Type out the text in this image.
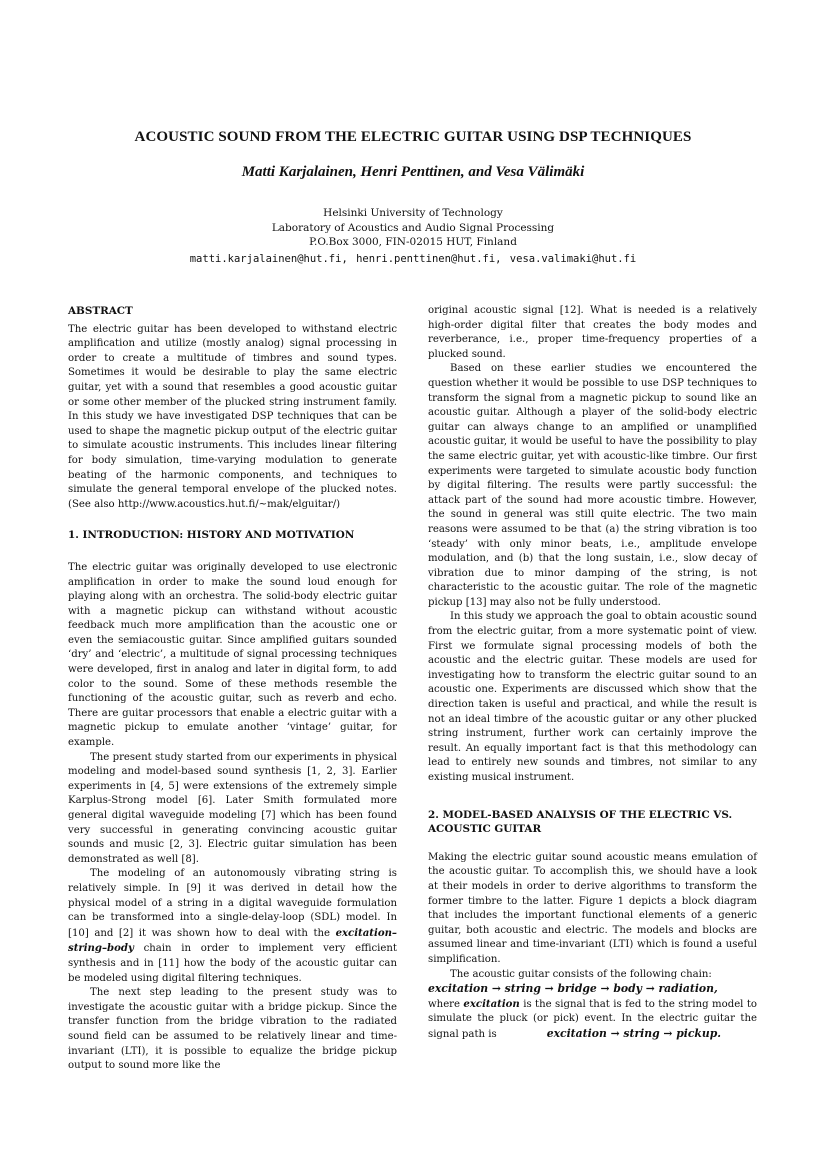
ACOUSTIC SOUND FROM THE ELECTRIC GUITAR USING DSP TECHNIQUES
Matti Karjalainen, Henri Penttinen, and Vesa Välimäki
Helsinki University of Technology
Laboratory of Acoustics and Audio Signal Processing
P.O.Box 3000, FIN-02015 HUT, Finland
matti.karjalainen@hut.fi, henri.penttinen@hut.fi, vesa.valimaki@hut.fi

ABSTRACT

The electric guitar has been developed to withstand electric amplification and utilize (mostly analog) signal processing in order to create a multitude of timbres and sound types. Sometimes it would be desirable to play the same electric guitar, yet with a sound that resembles a good acoustic guitar or some other member of the plucked string instrument family. In this study we have investigated DSP techniques that can be used to shape the magnetic pickup output of the electric guitar to simulate acoustic instruments. This includes linear filtering for body simulation, time-varying modulation to generate beating of the harmonic components, and techniques to simulate the general temporal envelope of the plucked notes. (See also http://www.acoustics.hut.fi/~mak/elguitar/)

1. INTRODUCTION: HISTORY AND MOTIVATION

The electric guitar was originally developed to use electronic amplification in order to make the sound loud enough for playing along with an orchestra. The solid-body electric guitar with a magnetic pickup can withstand without acoustic feedback much more amplification than the acoustic one or even the semiacoustic guitar. Since amplified guitars sounded ‘dry’ and ‘electric’, a multitude of signal processing techniques were developed, first in analog and later in digital form, to add color to the sound. Some of these methods resemble the functioning of the acoustic guitar, such as reverb and echo. There are guitar processors that enable a electric guitar with a magnetic pickup to emulate another ‘vintage’ guitar, for example.

The present study started from our experiments in physical modeling and model-based sound synthesis [1, 2, 3]. Earlier experiments in [4, 5] were extensions of the extremely simple Karplus-Strong model [6]. Later Smith formulated more general digital waveguide modeling [7] which has been found very successful in generating convincing acoustic guitar sounds and music [2, 3]. Electric guitar simulation has been demonstrated as well [8].

The modeling of an autonomously vibrating string is relatively simple. In [9] it was derived in detail how the physical model of a string in a digital waveguide formulation can be transformed into a single-delay-loop (SDL) model. In [10] and [2] it was shown how to deal with the excitation–string–body chain in order to implement very efficient synthesis and in [11] how the body of the acoustic guitar can be modeled using digital filtering techniques.

The next step leading to the present study was to investigate the acoustic guitar with a bridge pickup. Since the transfer function from the bridge vibration to the radiated sound field can be assumed to be relatively linear and time-invariant (LTI), it is possible to equalize the bridge pickup output to sound more like the

original acoustic signal [12]. What is needed is a relatively high-order digital filter that creates the body modes and reverberance, i.e., proper time-frequency properties of a plucked sound.

Based on these earlier studies we encountered the question whether it would be possible to use DSP techniques to transform the signal from a magnetic pickup to sound like an acoustic guitar. Although a player of the solid-body electric guitar can always change to an amplified or unamplified acoustic guitar, it would be useful to have the possibility to play the same electric guitar, yet with acoustic-like timbre. Our first experiments were targeted to simulate acoustic body function by digital filtering. The results were partly successful: the attack part of the sound had more acoustic timbre. However, the sound in general was still quite electric. The two main reasons were assumed to be that (a) the string vibration is too ‘steady’ with only minor beats, i.e., amplitude envelope modulation, and (b) that the long sustain, i.e., slow decay of vibration due to minor damping of the string, is not characteristic to the acoustic guitar. The role of the magnetic pickup [13] may also not be fully understood.

In this study we approach the goal to obtain acoustic sound from the electric guitar, from a more systematic point of view. First we formulate signal processing models of both the acoustic and the electric guitar. These models are used for investigating how to transform the electric guitar sound to an acoustic one. Experiments are discussed which show that the direction taken is useful and practical, and while the result is not an ideal timbre of the acoustic guitar or any other plucked string instrument, further work can certainly improve the result. An equally important fact is that this methodology can lead to entirely new sounds and timbres, not similar to any existing musical instrument.

2. MODEL-BASED ANALYSIS OF THE ELECTRIC VS.

ACOUSTIC GUITAR

Making the electric guitar sound acoustic means emulation of the acoustic guitar. To accomplish this, we should have a look at their models in order to derive algorithms to transform the former timbre to the latter. Figure 1 depicts a block diagram that includes the important functional elements of a generic guitar, both acoustic and electric. The models and blocks are assumed linear and time-invariant (LTI) which is found a useful simplification.

The acoustic guitar consists of the following chain:

excitation → string → bridge → body → radiation,

where excitation is the signal that is fed to the string model to simulate the pluck (or pick) event. In the electric guitar the signal path is	excitation → string → pickup.
